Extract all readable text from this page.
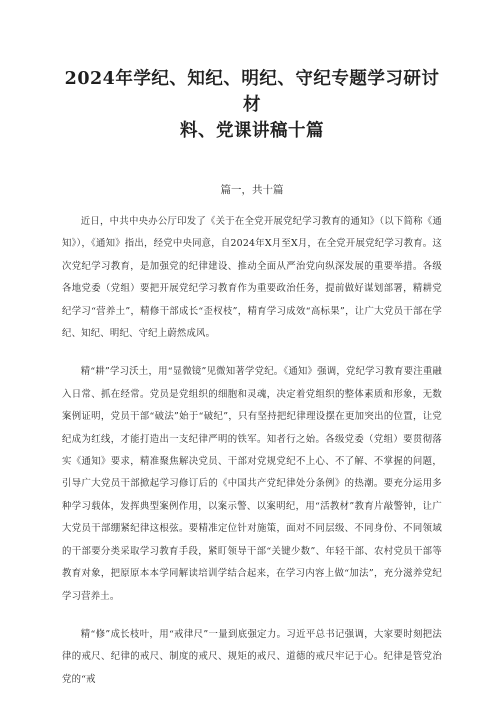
2024年学纪、知纪、明纪、守纪专题学习研讨材
料、党课讲稿十篇
篇一，共十篇

近日，中共中央办公厅印发了《关于在全党开展党纪学习教育的通知》（以下简称《通知》），《通知》指出，经党中央同意，自2024年X月至X月，在全党开展党纪学习教育。这次党纪学习教育，是加强党的纪律建设、推动全面从严治党向纵深发展的重要举措。各级各地党委（党组）要把开展党纪学习教育作为重要政治任务，提前做好谋划部署，精耕党纪学习“营养土”，精修干部成长“歪杈枝”，精育学习成效“高标果”，让广大党员干部在学纪、知纪、明纪、守纪上蔚然成风。

精“耕”学习沃土，用“显微镜”见微知著学党纪。《通知》强调，党纪学习教育要注重融入日常、抓在经常。党员是党组织的细胞和灵魂，决定着党组织的整体素质和形象，无数案例证明，党员干部“破法”始于“破纪”，只有坚持把纪律理设摆在更加突出的位置，让党纪成为红线，才能打造出一支纪律严明的铁军。知者行之始。各级党委（党组）要贯彻落实《通知》要求，精准聚焦解决党员、干部对党规党纪不上心、不了解、不掌握的问题，引导广大党员干部掀起学习修订后的《中国共产党纪律处分条例》的热潮。要充分运用多种学习载体，发挥典型案例作用，以案示警、以案明纪，用“活教材”教育片敲警钟，让广大党员干部绷紧纪律这根弦。要精准定位针对施策，面对不同层级、不同身份、不同领域的干部要分类采取学习教育手段，紧盯领导干部“关键少数”、年轻干部、农村党员干部等教育对象，把原原本本学同解读培训学结合起来，在学习内容上做“加法”，充分滋养党纪学习营养土。

精“修”成长枝叶，用“戒律尺”一量到底强定力。习近平总书记强调，大家要时刻把法律的戒尺、纪律的戒尺、制度的戒尺、规矩的戒尺、道德的戒尺牢记于心。纪律是管党治党的“戒
